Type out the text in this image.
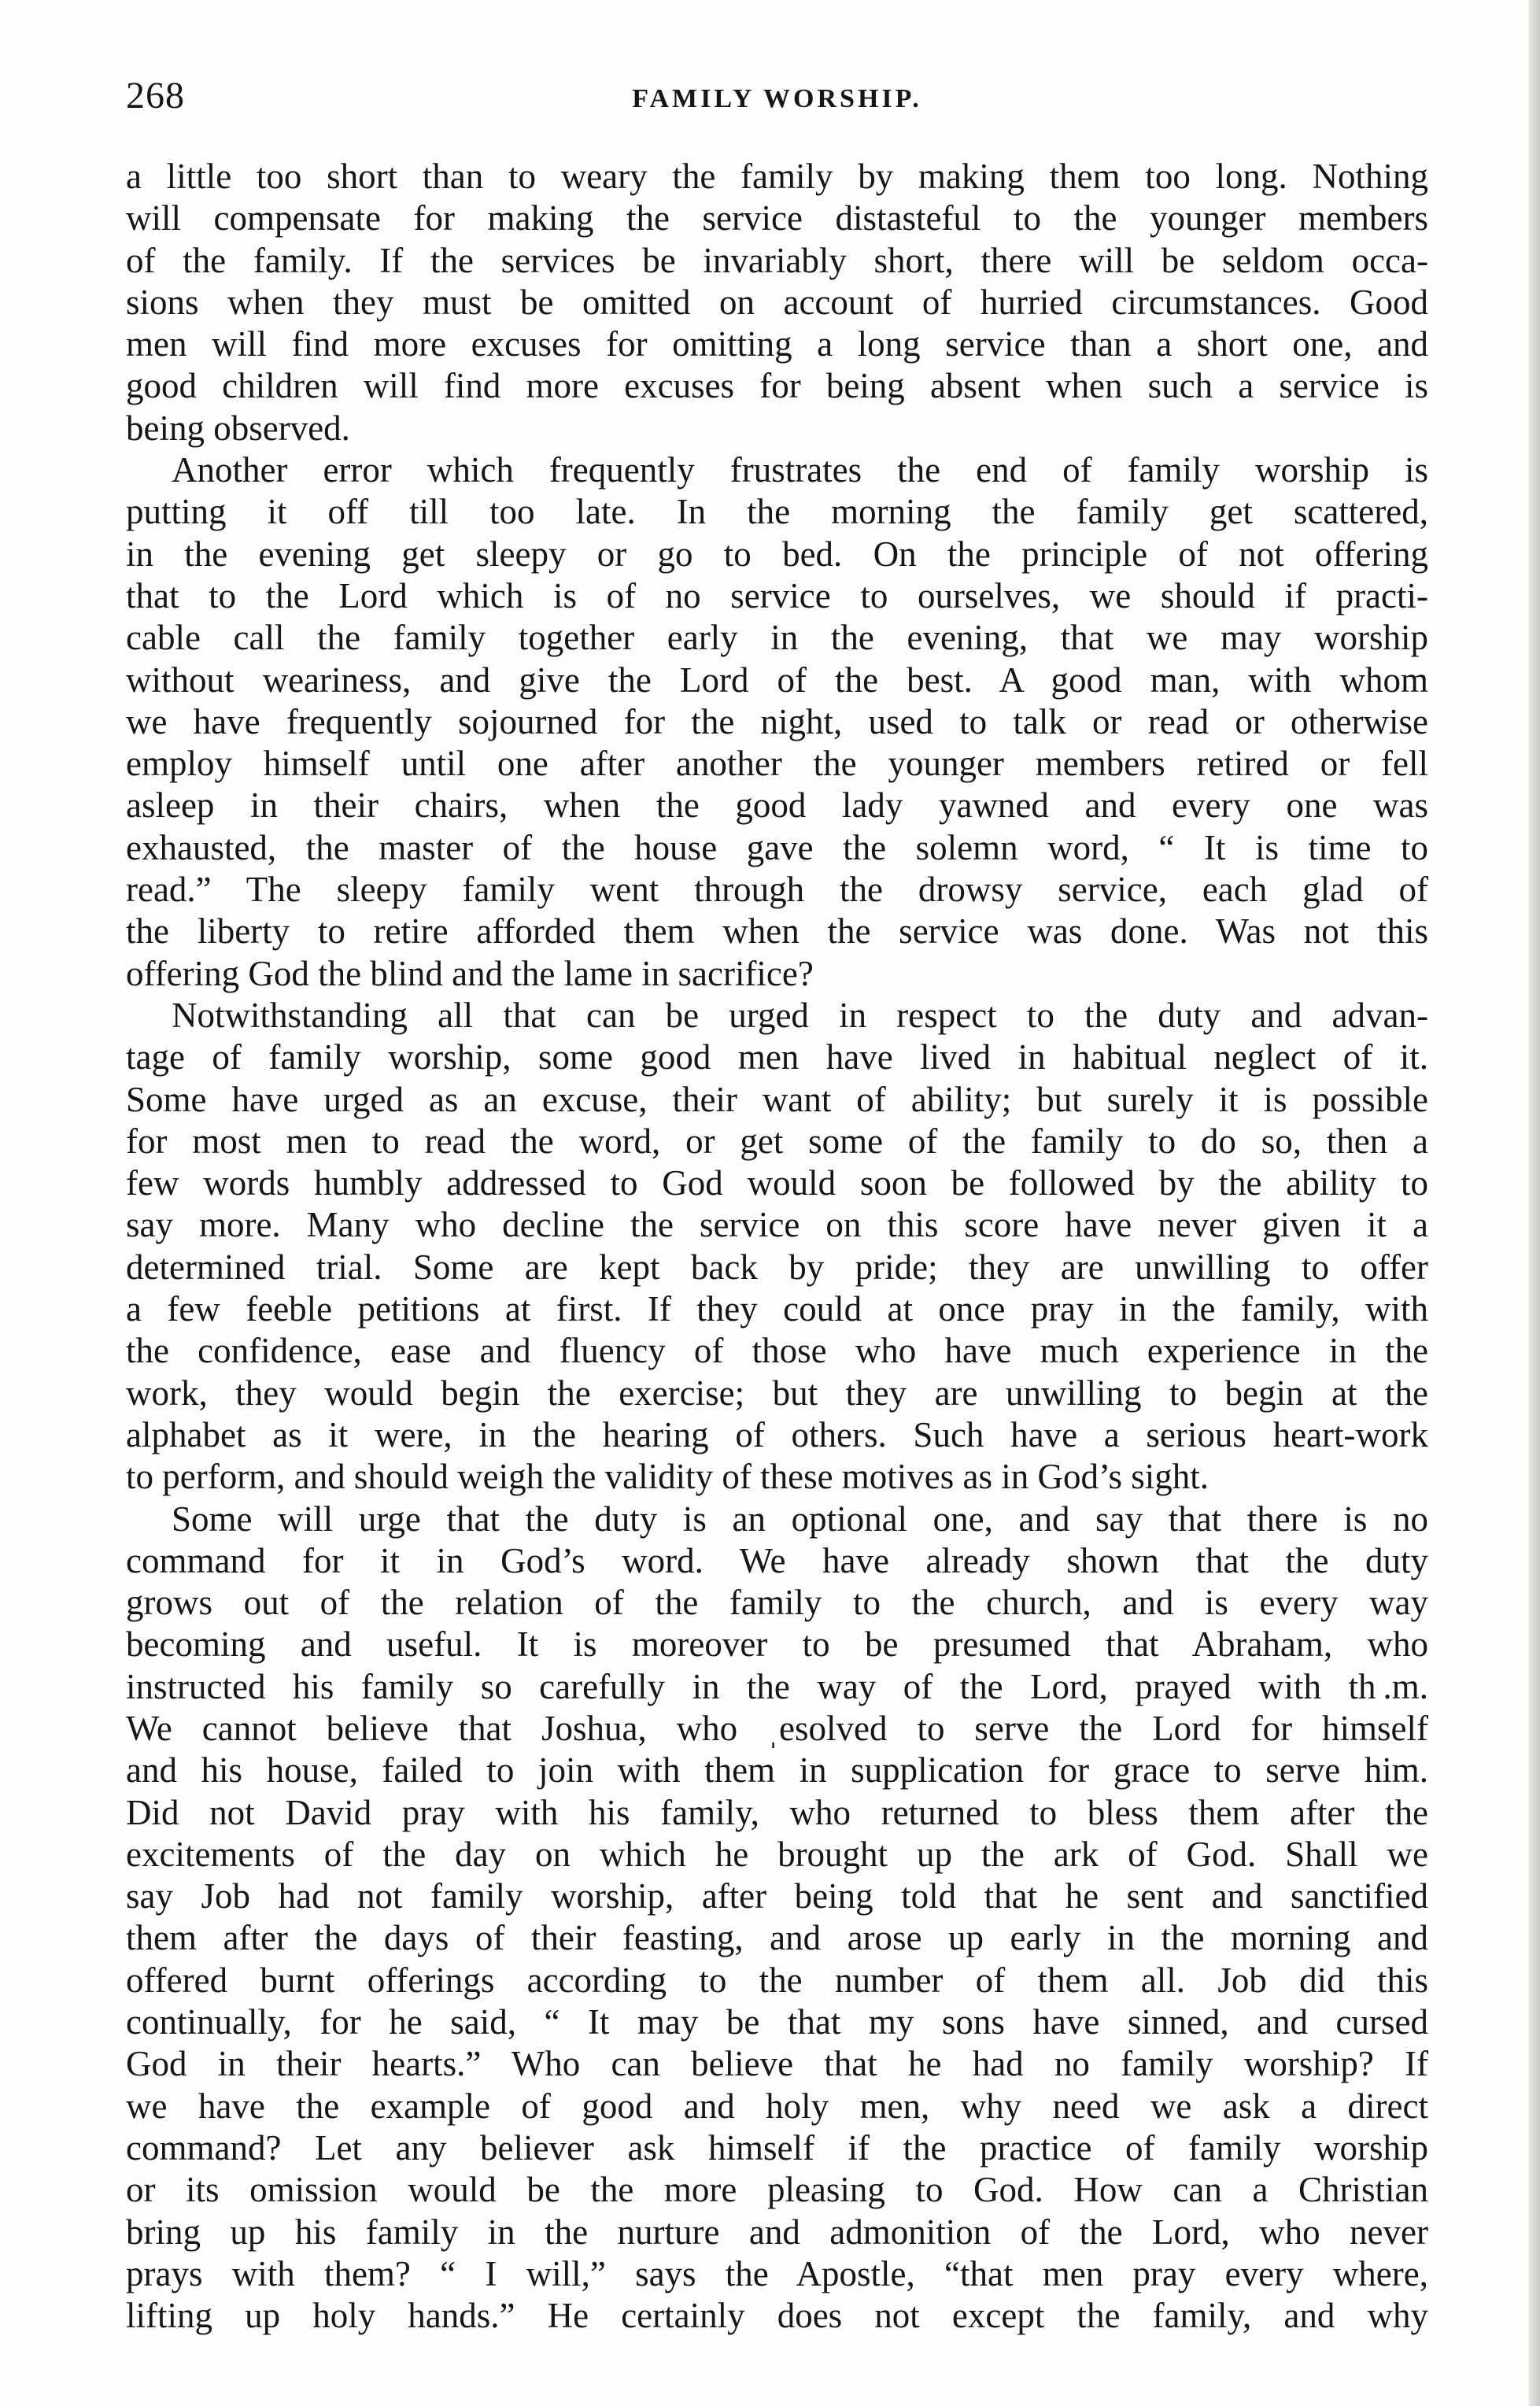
268	FAMILY WORSHIP.
a little too short than to weary the family by making them too long. Nothing
will compensate for making the service distasteful to the younger members
of the family. If the services be invariably short, there will be seldom occa-
sions when they must be omitted on account of hurried circumstances. Good
men will find more excuses for omitting a long service than a short one, and
good children will find more excuses for being absent when such a service is
being observed.
Another error which frequently frustrates the end of family worship is
putting it off till too late. In the morning the family get scattered,
in the evening get sleepy or go to bed. On the principle of not offering
that to the Lord which is of no service to ourselves, we should if practi-
cable call the family together early in the evening, that we may worship
without weariness, and give the Lord of the best. A good man, with whom
we have frequently sojourned for the night, used to talk or read or otherwise
employ himself until one after another the younger members retired or fell
asleep in their chairs, when the good lady yawned and every one was
exhausted, the master of the house gave the solemn word, “ It is time to
read.” The sleepy family went through the drowsy service, each glad of
the liberty to retire afforded them when the service was done. Was not this
offering God the blind and the lame in sacrifice?
Notwithstanding all that can be urged in respect to the duty and advan-
tage of family worship, some good men have lived in habitual neglect of it.
Some have urged as an excuse, their want of ability; but surely it is possible
for most men to read the word, or get some of the family to do so, then a
few words humbly addressed to God would soon be followed by the ability to
say more. Many who decline the service on this score have never given it a
determined trial. Some are kept back by pride; they are unwilling to offer
a few feeble petitions at first. If they could at once pray in the family, with
the confidence, ease and fluency of those who have much experience in the
work, they would begin the exercise; but they are unwilling to begin at the
alphabet as it were, in the hearing of others. Such have a serious heart-work
to perform, and should weigh the validity of these motives as in God’s sight.
Some will urge that the duty is an optional one, and say that there is no
command for it in God’s word. We have already shown that the duty
grows out of the relation of the family to the church, and is every way
becoming and useful. It is moreover to be presumed that Abraham, who
instructed his family so carefully in the way of the Lord, prayed with th .m.
We cannot believe that Joshua, who ˌesolved to serve the Lord for himself
and his house, failed to join with them in supplication for grace to serve him.
Did not David pray with his family, who returned to bless them after the
excitements of the day on which he brought up the ark of God. Shall we
say Job had not family worship, after being told that he sent and sanctified
them after the days of their feasting, and arose up early in the morning and
offered burnt offerings according to the number of them all. Job did this
continually, for he said, “ It may be that my sons have sinned, and cursed
God in their hearts.” Who can believe that he had no family worship? If
we have the example of good and holy men, why need we ask a direct
command? Let any believer ask himself if the practice of family worship
or its omission would be the more pleasing to God. How can a Christian
bring up his family in the nurture and admonition of the Lord, who never
prays with them? “ I will,” says the Apostle, “that men pray every where,
lifting up holy hands.” He certainly does not except the family, and why
